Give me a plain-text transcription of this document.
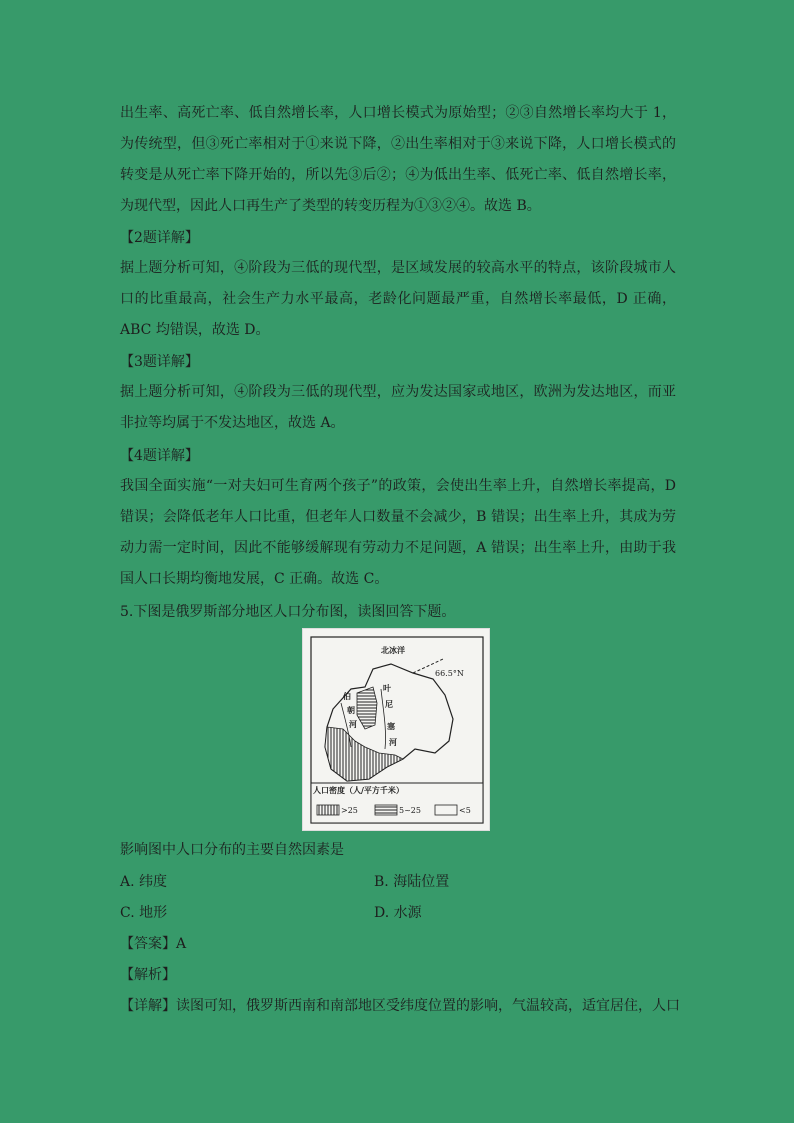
出生率、高死亡率、低自然增长率，人口增长模式为原始型；②③自然增长率均大于 1，为传统型，但③死亡率相对于①来说下降，②出生率相对于③来说下降，人口增长模式的转变是从死亡率下降开始的，所以先③后②；④为低出生率、低死亡率、低自然增长率，为现代型，因此人口再生产了类型的转变历程为①③②④。故选 B。

【2题详解】

据上题分析可知，④阶段为三低的现代型，是区域发展的较高水平的特点，该阶段城市人口的比重最高，社会生产力水平最高，老龄化问题最严重，自然增长率最低，D 正确，ABC 均错误，故选 D。

【3题详解】

据上题分析可知，④阶段为三低的现代型，应为发达国家或地区，欧洲为发达地区，而亚非拉等均属于不发达地区，故选 A。

【4题详解】

我国全面实施“一对夫妇可生育两个孩子”的政策，会使出生率上升，自然增长率提高，D 错误；会降低老年人口比重，但老年人口数量不会减少，B 错误；出生率上升，其成为劳动力需一定时间，因此不能够缓解现有劳动力不足问题，A 错误；出生率上升，由助于我国人口长期均衡地发展，C 正确。故选 C。

5.下图是俄罗斯部分地区人口分布图，读图回答下题。
北冰洋
66.5°N
叶
尼
塞
河
伯
朝
河
人口密度（人/平方千米）
>25	5~25	<5
影响图中人口分布的主要自然因素是
A. 纬度	B. 海陆位置
C. 地形	D. 水源
【答案】A
【解析】
【详解】读图可知，俄罗斯西南和南部地区受纬度位置的影响，气温较高，适宜居住，人口
